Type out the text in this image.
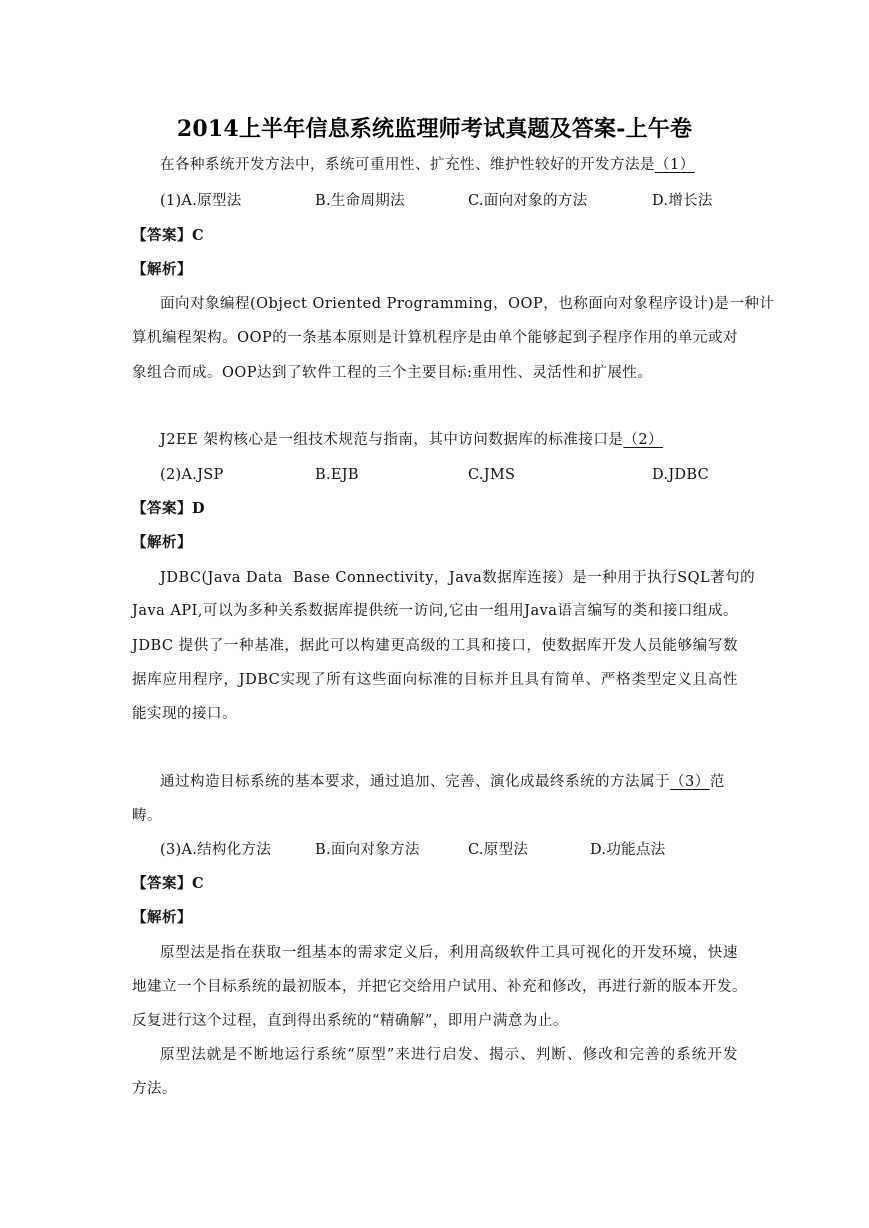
2014上半年信息系统监理师考试真题及答案-上午卷
在各种系统开发方法中，系统可重用性、扩充性、维护性较好的开发方法是（1）
(1)A.原型法	B.生命周期法	C.面向对象的方法	D.增长法
【答案】C
【解析】
面向对象编程(Object Oriented Programming，OOP，也称面向对象程序设计)是一种计
算机编程架构。OOP的一条基本原则是计算机程序是由单个能够起到子程序作用的单元或对
象组合而成。OOP达到了软件工程的三个主要目标:重用性、灵活性和扩展性。
J2EE 架构核心是一组技术规范与指南，其中访问数据库的标准接口是（2）
(2)A.JSP	B.EJB	C.JMS	D.JDBC
【答案】D
【解析】
JDBC(Java Data  Base Connectivity，Java数据库连接）是一种用于执行SQL著句的
Java API,可以为多种关系数据库提供统一访问,它由一组用Java语言编写的类和接口组成。
JDBC 提供了一种基准，据此可以构建更高级的工具和接口，使数据库开发人员能够编写数
据库应用程序，JDBC实现了所有这些面向标准的目标并且具有简单、严格类型定义且高性
能实现的接口。
通过构造目标系统的基本要求，通过追加、完善、演化成最终系统的方法属于（3）范
畴。
(3)A.结构化方法	B.面向对象方法	C.原型法	D.功能点法
【答案】C
【解析】
原型法是指在获取一组基本的需求定义后，利用高级软件工具可视化的开发环境，快速
地建立一个目标系统的最初版本，并把它交给用户试用、补充和修改，再进行新的版本开发。
反复进行这个过程，直到得出系统的“精确解”，即用户满意为止。
原型法就是不断地运行系统“原型”来进行启发、揭示、判断、修改和完善的系统开发
方法。
